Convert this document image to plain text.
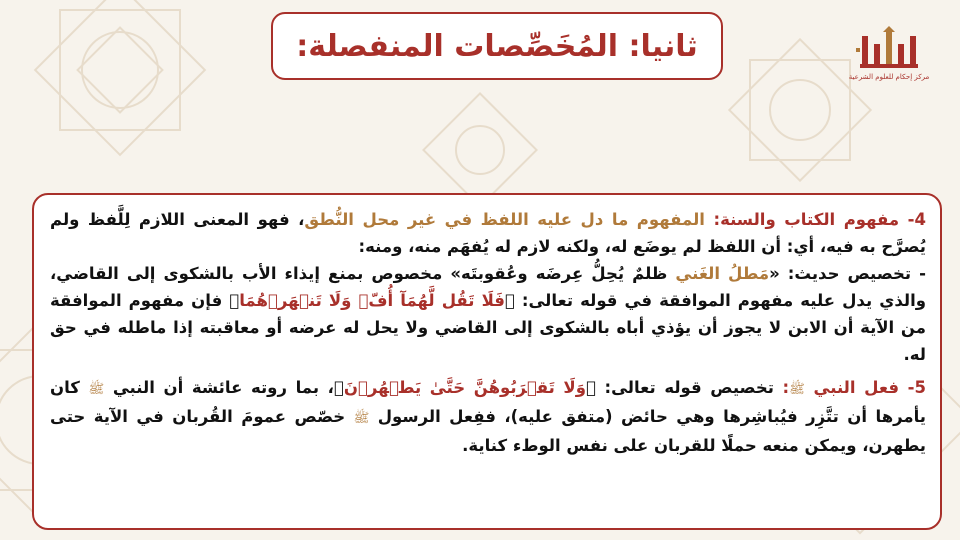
ثانيا: المُخَصِّصات المنفصلة:
مركز إحكام للعلوم الشرعية

4- مفهوم الكتاب والسنة: المفهوم ما دل عليه اللفظ في غير محل النُّطق، فهو المعنى اللازم لِلَّفظ ولم يُصرَّح به فيه، أي: أن اللفظ لم يوضَع له، ولكنه لازم له يُفهَم منه، ومنه:
- تخصيص حديث: «مَطلُ الغَني ظلمٌ يُحِلُّ عِرضَه وعُقوبتَه» مخصوص بمنع إيذاء الأب بالشكوى إلى القاضي، والذي يدل عليه مفهوم الموافقة في قوله تعالى: ﴿فَلَا تَقُل لَّهُمَآ أُفّٖ وَلَا تَنۡهَرۡهُمَا﴾ فإن مفهوم الموافقة من الآية أن الابن لا يجوز أن يؤذي أباه بالشكوى إلى القاضي ولا يحل له عرضه أو معاقبته إذا ماطله في حق له.

5- فعل النبي ﷺ: تخصيص قوله تعالى: ﴿وَلَا تَقۡرَبُوهُنَّ حَتَّىٰ يَطۡهُرۡنَ﴾، بما روته عائشة أن النبي ﷺ كان يأمرها أن تتَّزِر فيُباشِرها وهي حائض (متفق عليه)، ففِعل الرسول ﷺ خصّص عمومَ القُربان في الآية حتى يطهرن، ويمكن منعه حملًا للقربان على نفس الوطء كناية.
